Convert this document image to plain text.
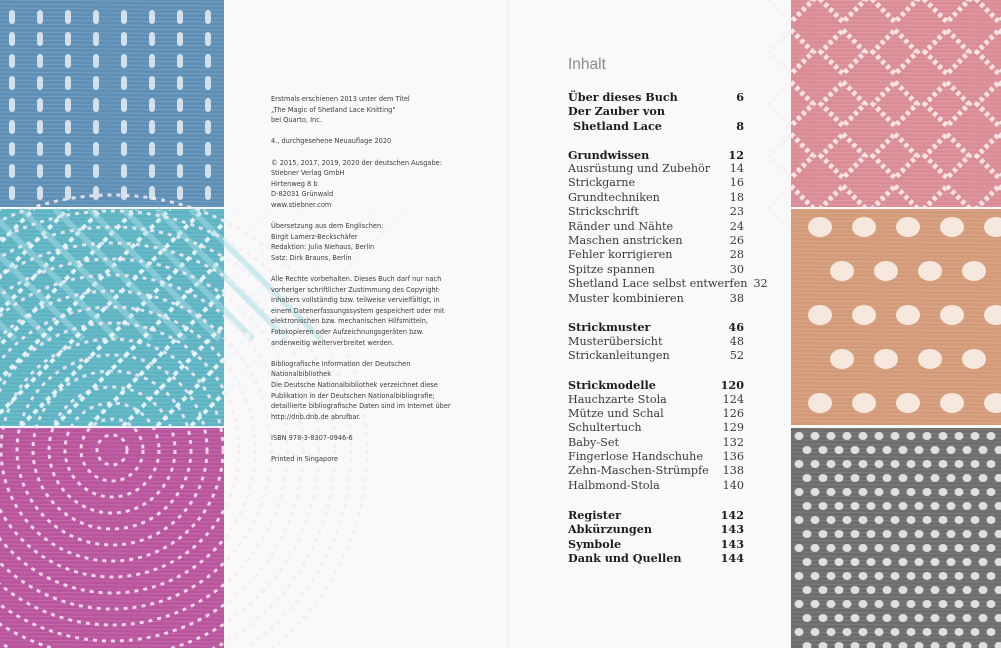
Erstmals erschienen 2013 unter dem Titel
„The Magic of Shetland Lace Knitting"
bei Quarto, Inc.

4., durchgesehene Neuauflage 2020

© 2015, 2017, 2019, 2020 der deutschen Ausgabe:
Stiebner Verlag GmbH
Hirtenweg 8 b
D-82031 Grünwald
www.stiebner.com

Übersetzung aus dem Englischen:
Birgit Lamerz-Beckschäfer
Redaktion: Julia Niehaus, Berlin
Satz: Dirk Brauns, Berlin

Alle Rechte vorbehalten. Dieses Buch darf nur nach
vorheriger schriftlicher Zustimmung des Copyright-
Inhabers vollständig bzw. teilweise vervielfältigt, in
einem Datenerfassungssystem gespeichert oder mit
elektronischen bzw. mechanischen Hilfsmitteln,
Fotokopieren oder Aufzeichnungsgeräten bzw.
anderweitig weiterverbreitet werden.

Bibliografische Information der Deutschen
Nationalbibliothek
Die Deutsche Nationalbibliothek verzeichnet diese
Publikation in der Deutschen Nationalbibliografie;
detaillierte bibliografische Daten sind im Internet über
http://dnb.dnb.de abrufbar.

ISBN 978-3-8307-0946-6

Printed in Singapore

Inhalt
Über dieses Buch	6
Der Zauber von
Shetland Lace	8
Grundwissen	12
Ausrüstung und Zubehör	14
Strickgarne	16
Grundtechniken	18
Strickschrift	23
Ränder und Nähte	24
Maschen anstricken	26
Fehler korrigieren	28
Spitze spannen	30
Shetland Lace selbst entwerfen 32
Muster kombinieren	38
Strickmuster	46
Musterübersicht	48
Strickanleitungen	52
Strickmodelle	120
Hauchzarte Stola	124
Mütze und Schal	126
Schultertuch	129
Baby-Set	132
Fingerlose Handschuhe	136
Zehn-Maschen-Strümpfe	138
Halbmond-Stola	140
Register	142
Abkürzungen	143
Symbole	143
Dank und Quellen	144
